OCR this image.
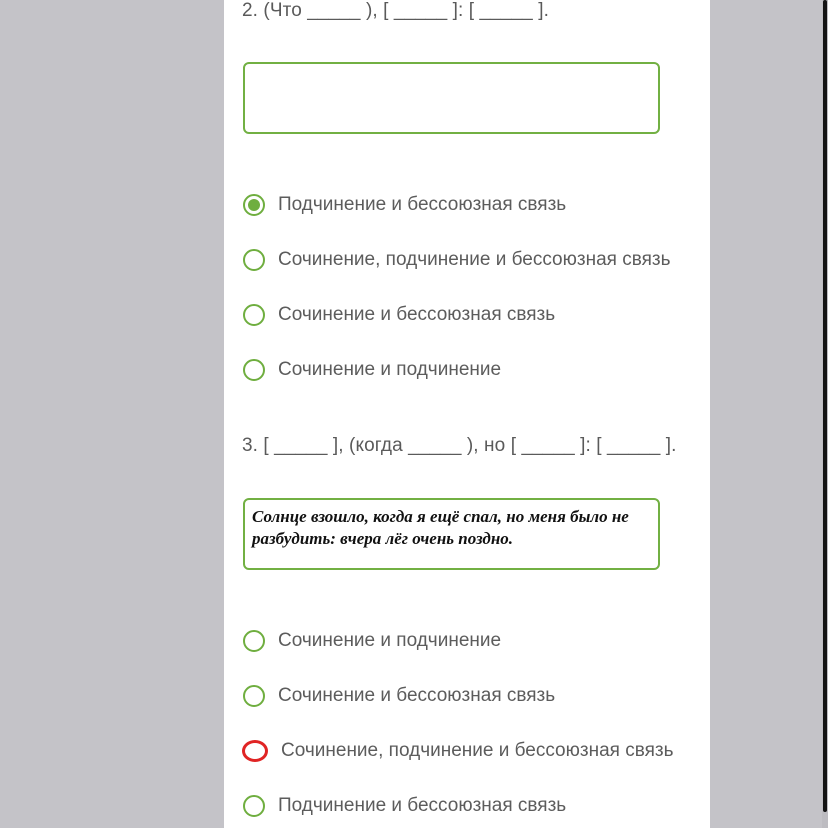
2. (Что _____ ), [ _____ ]: [ _____ ].

Подчинение и бессоюзная связь
Сочинение, подчинение и бессоюзная связь
Сочинение и бессоюзная связь
Сочинение и подчинение

3. [ _____ ], (когда _____ ), но [ _____ ]: [ _____ ].

Солнце взошло, когда я ещё спал, но меня было не разбудить: вчера лёг очень поздно.
Сочинение и подчинение
Сочинение и бессоюзная связь
Сочинение, подчинение и бессоюзная связь
Подчинение и бессоюзная связь
